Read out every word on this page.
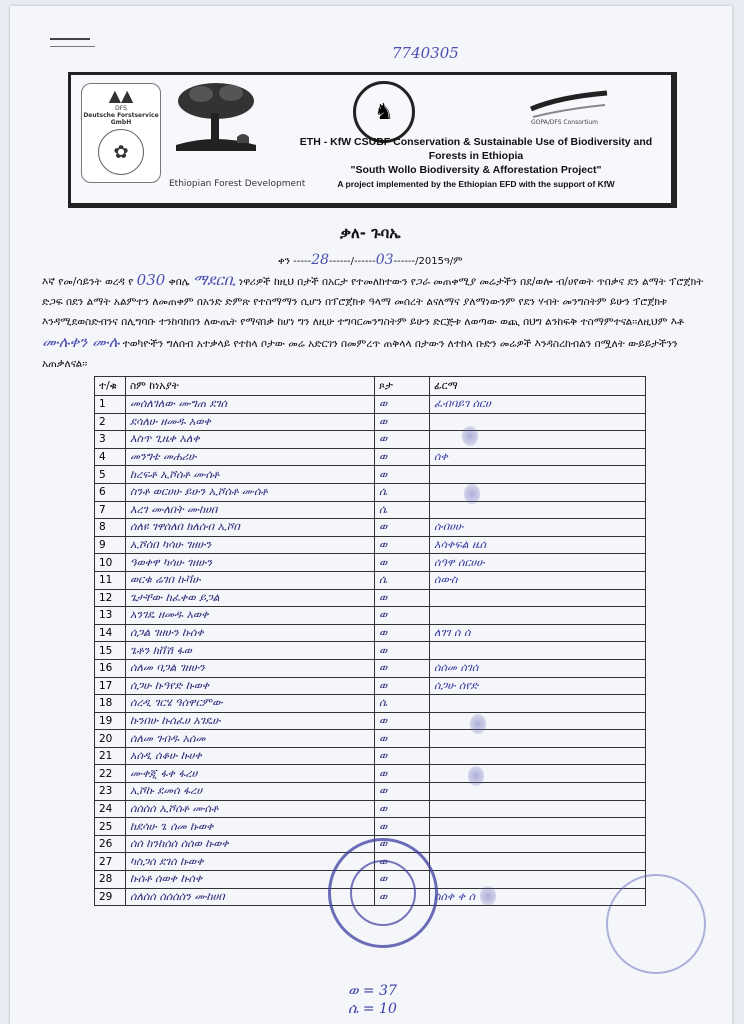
7740305
▲▲
DFS
Deutsche Forstservice GmbH
✿
Ethiopian Forest Development
♞	GOPA/DFS Consortium
ETH - KfW CSUBF Conservation & Sustainable Use of Biodiversity and
Forests in Ethiopia
"South Wollo Biodiversity & Afforestation Project"
A project implemented by the Ethiopian EFD with the support of KfW
ቃለ- ጉባኤ
ቀን -----28------/------03------/2015ዓ/ም
እኛ የመ/ሳይንት ወረዳ የ 030 ቀበሌ ማደርቢ ነዋሪዎች ከዚህ በታች በአርታ የተመለከተውን የጋራ መጠቀሚያ መሬታችን በደ/ወሎ ብ/ሀየወት ጥበቃና ደን ልማት ፕሮጀክት ድጋፍ በደን ልማት አልምተን ለመጠቀም በአንድ ድምጽ የተስማማን ሲሆን በፕሮጀክቱ ዓላማ መሰረት ልናለማና ያለማነውንም የደን ሃብት መንግስትም ይሁን ፕሮጀክቱ እንዳሚደወስድብንና በሊግባቡ ተንከባክበን ለውጤት የማናበቃ ከሆነ ግን ለዚሁ ተግባርመንግስትም ይሁን ድርጅቱ ለወጣው ወጪ በህግ ልንከፍቅ ተስማምተናል፡፡ለዚህም እቶ ሙሉቀን ሙሉ ተወካዮችን ግለሰብ አተቃላይ የተከላ ቦታው መሬ አድርገን በመምረጥ ጠቅላላ በታውን ለተከላ ቡድን መሬዎች እንዳስረከብልን በሟለት ውይይታችንን አጠቃለናል፡፡
ተ/ቁ	ስም ከነአያት	ጾታ	ፊርማ
1	መሰለገለው ሙግጠ ደገሰ	ወ	ፈብባይገ ሰርሀ
2	ደሳለሁ ዘመዱ አወቀ	ወ	
3	እስጥ ጊዜቀ አለቀ	ወ	
4	መንግቴ መሐሪሁ	ወ	ሰቀ
5	ከረፍቶ ኢሾሰቶ ሙሰቶ	ወ	
6	ስንቶ ወርሀሁ ይሁን ኢሾሰቶ ሙሰቶ	ሴ	
7	እረገ ሙለበት ሙከሀበ	ሴ	
8	ሰለዩ ገዋሰለበ ክለሰብ ኢሾበ	ወ	ሰብሀሁ
9	ኢሾሰበ ካሳሁ ገዘሁን	ወ	እሳቀፍል ዜሰ
10	ዓወቀዋ ካሳሁ ገዘሁን	ወ	ሰዓዋ ሰርሀሁ
11	ወርቁ ሬገበ ኩቫሁ	ሴ	ሰውስ
12	ጌታቸው ከፈቀወ ይጋል	ወ	
13	አንገዴ ዘመዱ አወቀ	ወ	
14	ሰጋል ገዘሁን ኩሰቀ	ወ	ለገገ ሰ ሰ
15	ጌቶን ክቨሽ ፋወ	ወ	
16	ሰለመ ባጋል ገዘሁን	ወ	ሰሰመ ሰገሰ
17	ሰጋሁ ኩዓየድ ኩወቀ	ወ	ሰጋሁ ሰየድ
18	ሰረዲ ገርሄ ዓሰዋርምው	ሴ	
19	ኩንበሁ ኩሰፈሀ አገዴሁ	ወ	
20	ሰለመ ገብዱ አሰመ	ወ	
21	አሰዲ ሰቆሁ ኩሀቀ	ወ	
22	ሙቀጂ ፋቀ ፋረሀ	ወ	
23	ኢሾኩ ደመሰ ፋረሀ	ወ	
24	ሰሰሰሰ ኢሾሰቶ ሙሰቶ	ወ	
25	ከደሳሁ ጌ ሰመ ኩወቀ	ወ	
26	ሰሰ ከንከሰሰ ሰሰወ ኩወቀ	ወ	
27	ካስጋሰ ደገሰ ኩወቀ	ወ	
28	ኩሰቶ ሰወቀ ኩሰቀ	ወ	
29	ሰለሰሰ ሰሰሰሰን ሙከሀበ	ወ	ሰሰቀ ቀ ሰ
ወ = 37
ሴ = 10
